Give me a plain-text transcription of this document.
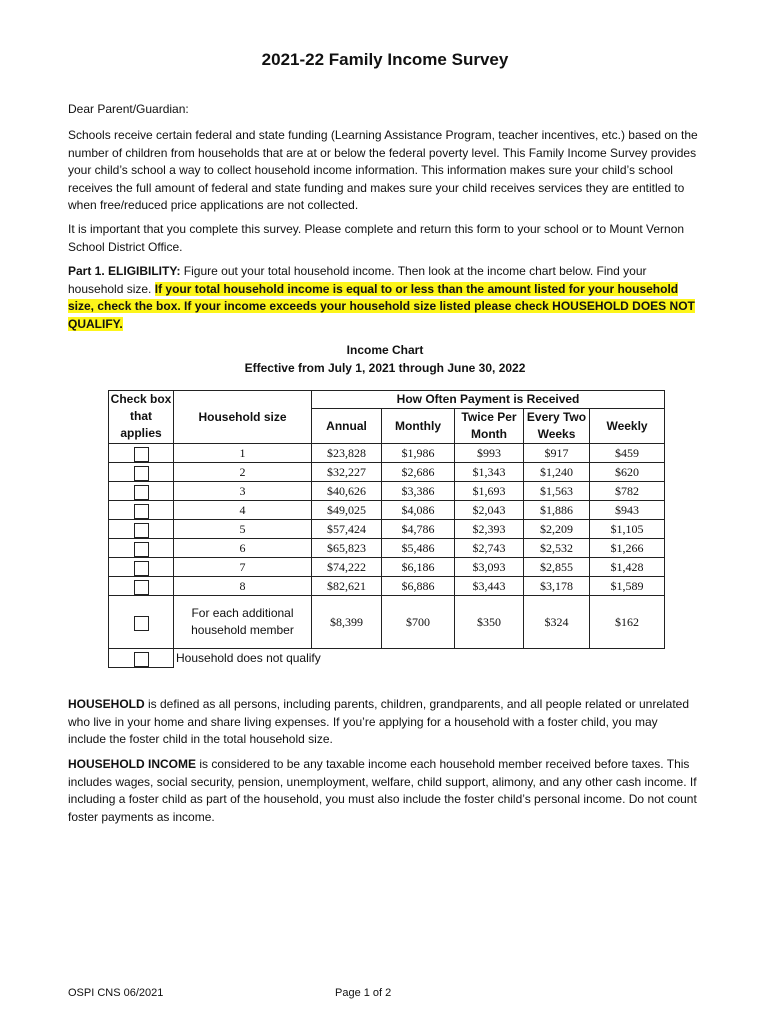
2021-22 Family Income Survey
Dear Parent/Guardian:
Schools receive certain federal and state funding (Learning Assistance Program, teacher incentives, etc.) based on the number of children from households that are at or below the federal poverty level. This Family Income Survey provides your child’s school a way to collect household income information. This information makes sure your child’s school receives the full amount of federal and state funding and makes sure your child receives services they are entitled to when free/reduced price applications are not collected.
It is important that you complete this survey. Please complete and return this form to your school or to Mount Vernon School District Office.
Part 1. ELIGIBILITY: Figure out your total household income. Then look at the income chart below. Find your household size. If your total household income is equal to or less than the amount listed for your household size, check the box. If your income exceeds your household size listed please check HOUSEHOLD DOES NOT QUALIFY.
Income Chart
Effective from July 1, 2021 through June 30, 2022
Check box that applies	Household size	How Often Payment is Received				
		Annual	Monthly	Twice Per Month	Every Two Weeks	Weekly
	1	$23,828	$1,986	$993	$917	$459
	2	$32,227	$2,686	$1,343	$1,240	$620
	3	$40,626	$3,386	$1,693	$1,563	$782
	4	$49,025	$4,086	$2,043	$1,886	$943
	5	$57,424	$4,786	$2,393	$2,209	$1,105
	6	$65,823	$5,486	$2,743	$2,532	$1,266
	7	$74,222	$6,186	$3,093	$2,855	$1,428
	8	$82,621	$6,886	$3,443	$3,178	$1,589
	For each additional household member	$8,399	$700	$350	$324	$162
	Household does not qualify					
HOUSEHOLD is defined as all persons, including parents, children, grandparents, and all people related or unrelated who live in your home and share living expenses. If you’re applying for a household with a foster child, you may include the foster child in the total household size.
HOUSEHOLD INCOME is considered to be any taxable income each household member received before taxes. This includes wages, social security, pension, unemployment, welfare, child support, alimony, and any other cash income. If including a foster child as part of the household, you must also include the foster child’s personal income. Do not count foster payments as income.
OSPI CNS 06/2021	Page 1 of 2
